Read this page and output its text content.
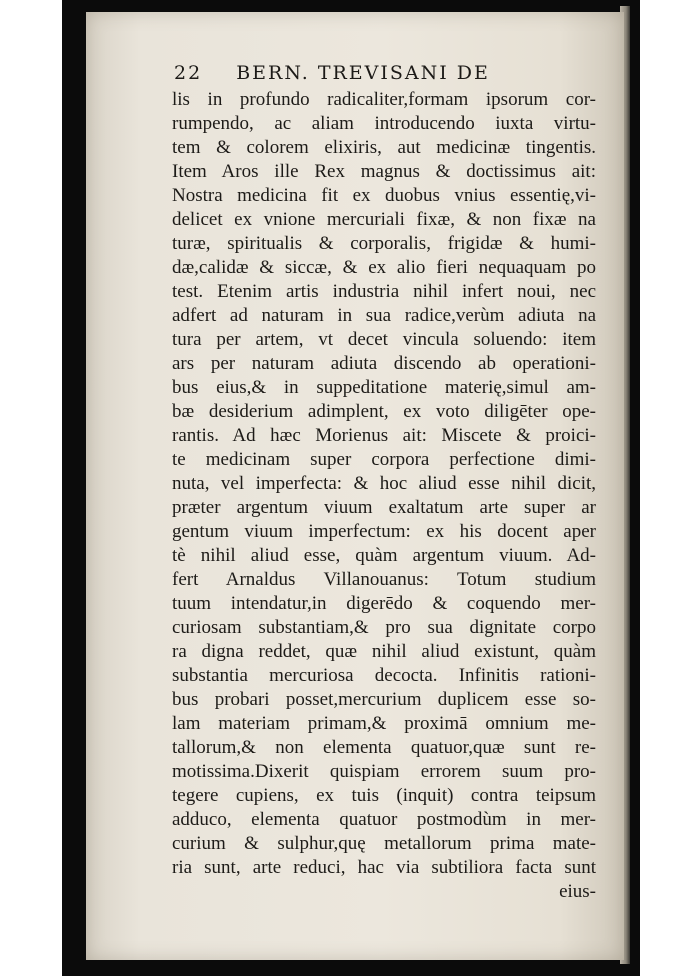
22 BERN. TREVISANI DE
lis in profundo radicaliter,formam ipsorum cor-
rumpendo, ac aliam introducendo iuxta virtu-
tem & colorem elixiris, aut medicinæ tingentis.
Item Aros ille Rex magnus & doctissimus ait:
Nostra medicina fit ex duobus vnius essentię,vi-
delicet ex vnione mercuriali fixæ, & non fixæ na
turæ, spiritualis & corporalis, frigidæ & humi-
dæ,calidæ & siccæ, & ex alio fieri nequaquam po
test. Etenim artis industria nihil infert noui, nec
adfert ad naturam in sua radice,verùm adiuta na
tura per artem, vt decet vincula soluendo: item
ars per naturam adiuta discendo ab operationi-
bus eius,& in suppeditatione materię,simul am-
bæ desiderium adimplent, ex voto diligēter ope-
rantis. Ad hæc Morienus ait: Miscete & proici-
te medicinam super corpora perfectione dimi-
nuta, vel imperfecta: & hoc aliud esse nihil dicit,
præter argentum viuum exaltatum arte super ar
gentum viuum imperfectum: ex his docent aper
tè nihil aliud esse, quàm argentum viuum. Ad-
fert Arnaldus Villanouanus: Totum studium
tuum intendatur,in digerēdo & coquendo mer-
curiosam substantiam,& pro sua dignitate corpo
ra digna reddet, quæ nihil aliud existunt, quàm
substantia mercuriosa decocta. Infinitis rationi-
bus probari posset,mercurium duplicem esse so-
lam materiam primam,& proximā omnium me-
tallorum,& non elementa quatuor,quæ sunt re-
motissima.Dixerit quispiam errorem suum pro-
tegere cupiens, ex tuis (inquit) contra teipsum
adduco, elementa quatuor postmodùm in mer-
curium & sulphur,quę metallorum prima mate-
ria sunt, arte reduci, hac via subtiliora facta sunt
eius-
